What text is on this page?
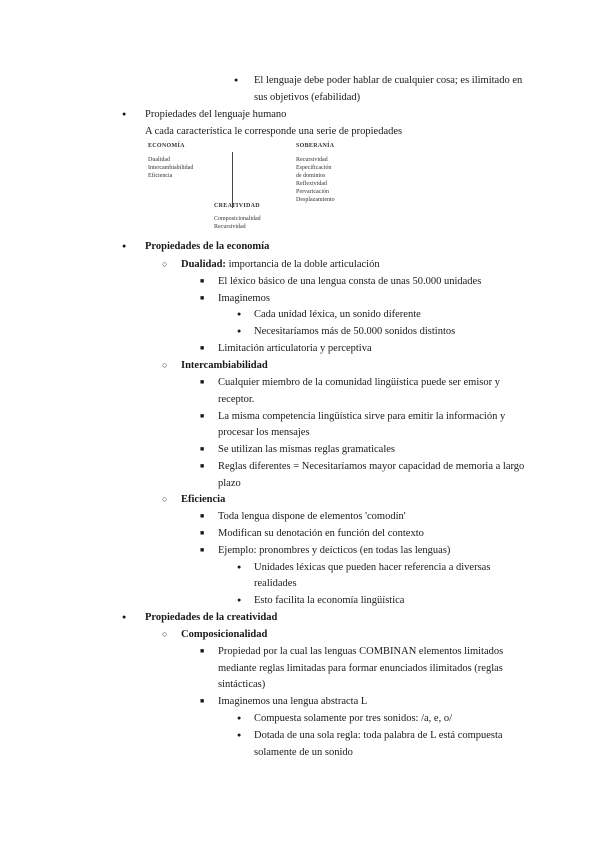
●
El lenguaje debe poder hablar de cualquier cosa; es ilimitado en
sus objetivos (efabilidad)
●
Propiedades del lenguaje humano
A cada característica le corresponde una serie de propiedades
ECONOMÍA
Dualidad
Intercambiabilidad
Eficiencia
SOBERANÍA
Recursividad
Especificación
de dominios
Reflexividad
Prevaricación
Desplazamiento
CREATIVIDAD
Composicionalidad
Recursividad
●
Propiedades de la economía
○
Dualidad: importancia de la doble articulación
■
El léxico básico de una lengua consta de unas 50.000 unidades
■
Imaginemos
●
Cada unidad léxica, un sonido diferente
●
Necesitaríamos más de 50.000 sonidos distintos
■
Limitación articulatoria y perceptiva
○
Intercambiabilidad
■
Cualquier miembro de la comunidad lingüística puede ser emisor y
receptor.
■
La misma competencia lingüística sirve para emitir la información y
procesar los mensajes
■
Se utilizan las mismas reglas gramaticales
■
Reglas diferentes = Necesitaríamos mayor capacidad de memoria a largo
plazo
○
Eficiencia
■
Toda lengua dispone de elementos 'comodín'
■
Modifican su denotación en función del contexto
■
Ejemplo: pronombres y deícticos (en todas las lenguas)
●
Unidades léxicas que pueden hacer referencia a diversas
realidades
●
Esto facilita la economía lingüística
●
Propiedades de la creatividad
○
Composicionalidad
■
Propiedad por la cual las lenguas COMBINAN elementos limitados
mediante reglas limitadas para formar enunciados ilimitados (reglas
sintácticas)
■
Imaginemos una lengua abstracta L
●
Compuesta solamente por tres sonidos: /a, e, o/
●
Dotada de una sola regla: toda palabra de L está compuesta
solamente de un sonido
